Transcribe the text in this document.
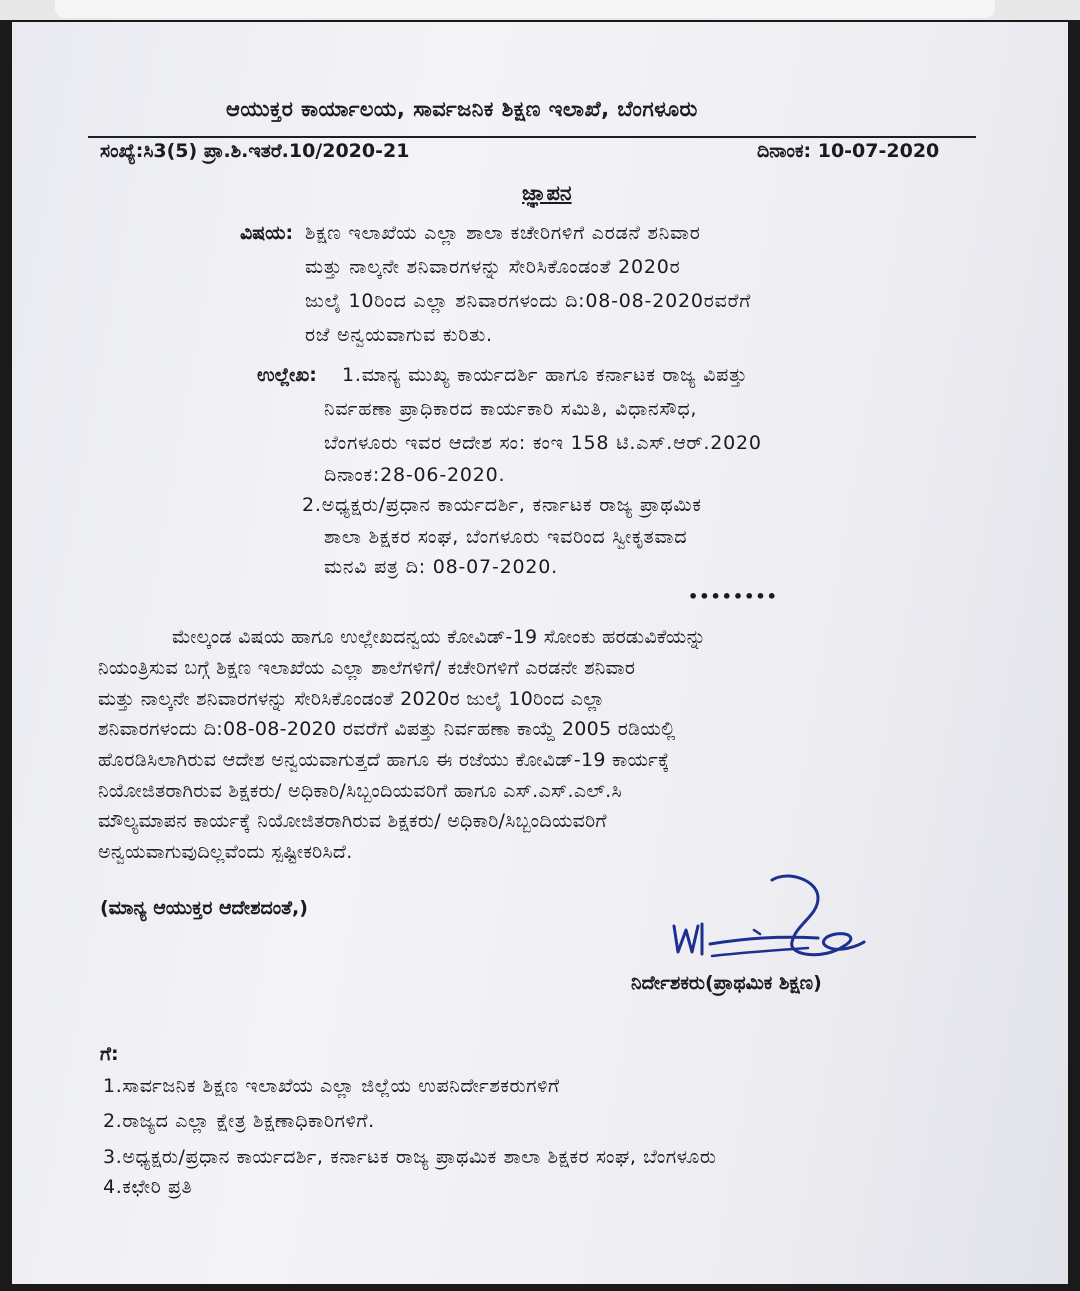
ಆಯುಕ್ತರ ಕಾರ್ಯಾಲಯ, ಸಾರ್ವಜನಿಕ ಶಿಕ್ಷಣ ಇಲಾಖೆ, ಬೆಂಗಳೂರು
ಸಂಖ್ಯೆ:ಸಿ3(5) ಪ್ರಾ.ಶಿ.ಇತರೆ.10/2020-21	ದಿನಾಂಕ: 10-07-2020
ಜ್ಞಾಪನ
ವಿಷಯ: ಶಿಕ್ಷಣ ಇಲಾಖೆಯ ಎಲ್ಲಾ ಶಾಲಾ ಕಚೇರಿಗಳಿಗೆ ಎರಡನೆ ಶನಿವಾರ
ಮತ್ತು ನಾಲ್ಕನೇ ಶನಿವಾರಗಳನ್ನು ಸೇರಿಸಿಕೊಂಡಂತೆ 2020ರ
ಜುಲೈ 10ರಿಂದ ಎಲ್ಲಾ ಶನಿವಾರಗಳಂದು ದಿ:08-08-2020ರವರೆಗೆ
ರಜೆ ಅನ್ವಯವಾಗುವ ಕುರಿತು.
ಉಲ್ಲೇಖ: 1.ಮಾನ್ಯ ಮುಖ್ಯ ಕಾರ್ಯದರ್ಶಿ ಹಾಗೂ ಕರ್ನಾಟಕ ರಾಜ್ಯ ವಿಪತ್ತು
ನಿರ್ವಹಣಾ ಪ್ರಾಧಿಕಾರದ ಕಾರ್ಯಕಾರಿ ಸಮಿತಿ, ವಿಧಾನಸೌಧ,
ಬೆಂಗಳೂರು ಇವರ ಆದೇಶ ಸಂ: ಕಂಇ 158 ಟಿ.ಎಸ್.ಆರ್.2020
ದಿನಾಂಕ:28-06-2020.
2.ಅಧ್ಯಕ್ಷರು/ಪ್ರಧಾನ ಕಾರ್ಯದರ್ಶಿ, ಕರ್ನಾಟಕ ರಾಜ್ಯ ಪ್ರಾಥಮಿಕ
ಶಾಲಾ ಶಿಕ್ಷಕರ ಸಂಘ, ಬೆಂಗಳೂರು ಇವರಿಂದ ಸ್ವೀಕೃತವಾದ
ಮನವಿ ಪತ್ರ ದಿ: 08-07-2020.
••••••••
ಮೇಲ್ಕಂಡ ವಿಷಯ ಹಾಗೂ ಉಲ್ಲೇಖದನ್ವಯ ಕೋವಿಡ್-19 ಸೋಂಕು ಹರಡುವಿಕೆಯನ್ನು
ನಿಯಂತ್ರಿಸುವ ಬಗ್ಗೆ ಶಿಕ್ಷಣ ಇಲಾಖೆಯ ಎಲ್ಲಾ ಶಾಲೆಗಳಿಗೆ/ ಕಚೇರಿಗಳಿಗೆ ಎರಡನೇ ಶನಿವಾರ
ಮತ್ತು ನಾಲ್ಕನೇ ಶನಿವಾರಗಳನ್ನು ಸೇರಿಸಿಕೊಂಡಂತೆ 2020ರ ಜುಲೈ 10ರಿಂದ ಎಲ್ಲಾ
ಶನಿವಾರಗಳಂದು ದಿ:08-08-2020 ರವರೆಗೆ ವಿಪತ್ತು ನಿರ್ವಹಣಾ ಕಾಯ್ದೆ 2005 ರಡಿಯಲ್ಲಿ
ಹೊರಡಿಸಿಲಾಗಿರುವ ಆದೇಶ ಅನ್ವಯವಾಗುತ್ತದೆ ಹಾಗೂ ಈ ರಜೆಯು ಕೋವಿಡ್-19 ಕಾರ್ಯಕ್ಕೆ
ನಿಯೋಜಿತರಾಗಿರುವ ಶಿಕ್ಷಕರು/ ಅಧಿಕಾರಿ/ಸಿಬ್ಬಂದಿಯವರಿಗೆ ಹಾಗೂ ಎಸ್.ಎಸ್.ಎಲ್.ಸಿ
ಮೌಲ್ಯಮಾಪನ ಕಾರ್ಯಕ್ಕೆ ನಿಯೋಜಿತರಾಗಿರುವ ಶಿಕ್ಷಕರು/ ಅಧಿಕಾರಿ/ಸಿಬ್ಬಂದಿಯವರಿಗೆ
ಅನ್ವಯವಾಗುವುದಿಲ್ಲವೆಂದು ಸ್ಪಷ್ಟೀಕರಿಸಿದೆ.
(ಮಾನ್ಯ ಆಯುಕ್ತರ ಆದೇಶದಂತೆ,)
ನಿರ್ದೇಶಕರು(ಪ್ರಾಥಮಿಕ ಶಿಕ್ಷಣ)
ಗೆ:
1.ಸಾರ್ವಜನಿಕ ಶಿಕ್ಷಣ ಇಲಾಖೆಯ ಎಲ್ಲಾ ಜಿಲ್ಲೆಯ ಉಪನಿರ್ದೇಶಕರುಗಳಿಗೆ
2.ರಾಜ್ಯದ ಎಲ್ಲಾ ಕ್ಷೇತ್ರ ಶಿಕ್ಷಣಾಧಿಕಾರಿಗಳಿಗೆ.
3.ಅಧ್ಯಕ್ಷರು/ಪ್ರಧಾನ ಕಾರ್ಯದರ್ಶಿ, ಕರ್ನಾಟಕ ರಾಜ್ಯ ಪ್ರಾಥಮಿಕ ಶಾಲಾ ಶಿಕ್ಷಕರ ಸಂಘ, ಬೆಂಗಳೂರು
4.ಕಛೇರಿ ಪ್ರತಿ
